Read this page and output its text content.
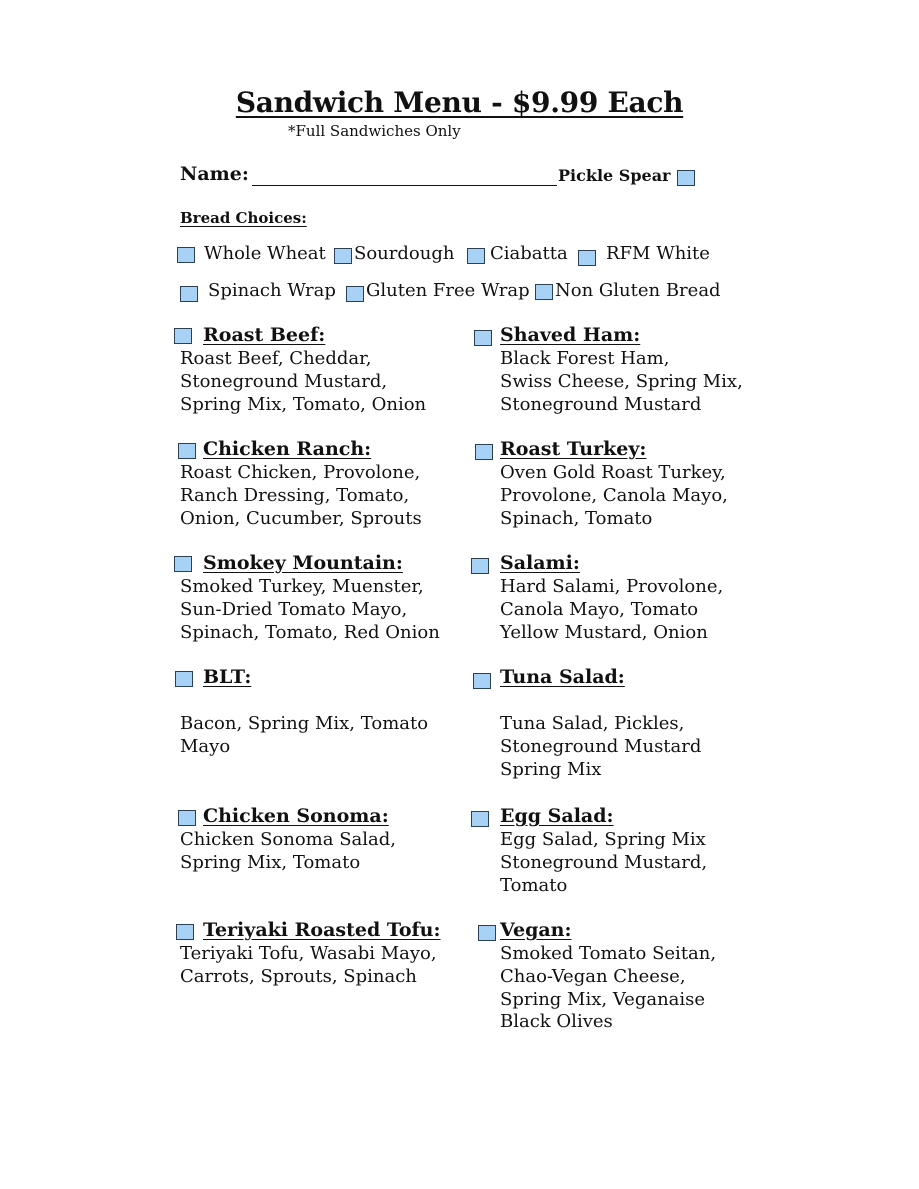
Sandwich Menu - $9.99 Each
*Full Sandwiches Only
Name:	Pickle Spear
Bread Choices:
Whole Wheat Sourdough Ciabatta RFM White
Spinach Wrap Gluten Free Wrap Non Gluten Bread
Roast Beef:
Roast Beef, Cheddar,
Stoneground Mustard,
Spring Mix, Tomato, Onion
Shaved Ham:
Black Forest Ham,
Swiss Cheese, Spring Mix,
Stoneground Mustard
Chicken Ranch:
Roast Chicken, Provolone,
Ranch Dressing, Tomato,
Onion, Cucumber, Sprouts
Roast Turkey:
Oven Gold Roast Turkey,
Provolone, Canola Mayo,
Spinach, Tomato
Smokey Mountain:
Smoked Turkey, Muenster,
Sun-Dried Tomato Mayo,
Spinach, Tomato, Red Onion
Salami:
Hard Salami, Provolone,
Canola Mayo, Tomato
Yellow Mustard, Onion
BLT:
Bacon, Spring Mix, Tomato
Mayo
Tuna Salad:
Tuna Salad, Pickles,
Stoneground Mustard
Spring Mix
Chicken Sonoma:
Chicken Sonoma Salad,
Spring Mix, Tomato
Egg Salad:
Egg Salad, Spring Mix
Stoneground Mustard,
Tomato
Teriyaki Roasted Tofu:
Teriyaki Tofu, Wasabi Mayo,
Carrots, Sprouts, Spinach
Vegan:
Smoked Tomato Seitan,
Chao-Vegan Cheese,
Spring Mix, Veganaise
Black Olives
